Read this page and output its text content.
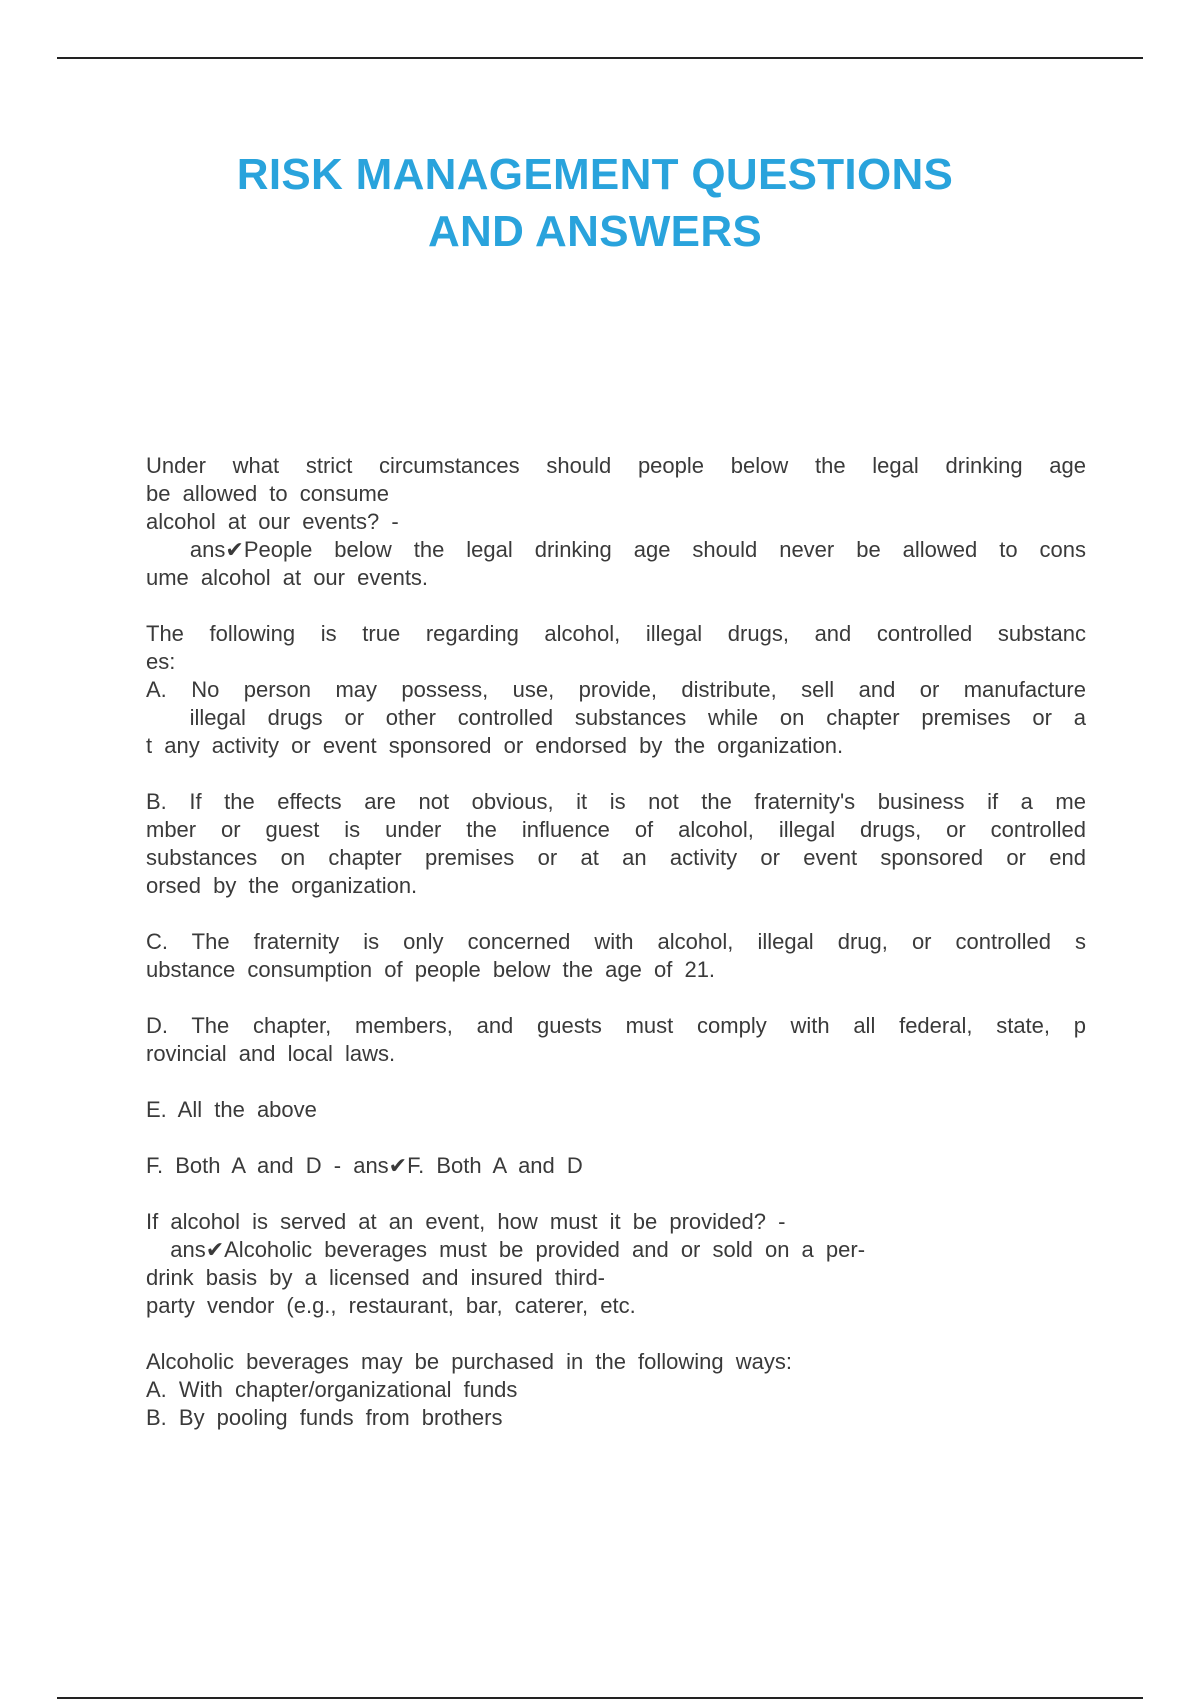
RISK MANAGEMENT QUESTIONS
AND ANSWERS
Under what strict circumstances should people below the legal drinking age
be allowed to consume
alcohol at our events? -
ans✔People below the legal drinking age should never be allowed to cons
ume alcohol at our events.
The following is true regarding alcohol, illegal drugs, and controlled substanc
es:
A. No person may possess, use, provide, distribute, sell and or manufacture
illegal drugs or other controlled substances while on chapter premises or a
t any activity or event sponsored or endorsed by the organization.
B. If the effects are not obvious, it is not the fraternity's business if a me
mber or guest is under the influence of alcohol, illegal drugs, or controlled
substances on chapter premises or at an activity or event sponsored or end
orsed by the organization.
C. The fraternity is only concerned with alcohol, illegal drug, or controlled s
ubstance consumption of people below the age of 21.
D. The chapter, members, and guests must comply with all federal, state, p
rovincial and local laws.
E. All the above
F. Both A and D - ans✔F. Both A and D
If alcohol is served at an event, how must it be provided? -
ans✔Alcoholic beverages must be provided and or sold on a per-
drink basis by a licensed and insured third-
party vendor (e.g., restaurant, bar, caterer, etc.
Alcoholic beverages may be purchased in the following ways:
A. With chapter/organizational funds
B. By pooling funds from brothers
